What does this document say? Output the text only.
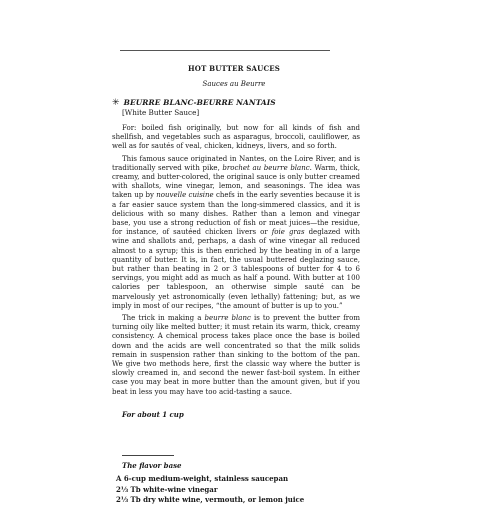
HOT BUTTER SAUCES
Sauces au Beurre
✳ BEURRE BLANC-BEURRE NANTAIS
[White Butter Sauce]

For: boiled fish originally, but now for all kinds of fish and shellfish, and vegetables such as asparagus, broccoli, cauliflower, as well as for sautés of veal, chicken, kidneys, livers, and so forth.

This famous sauce originated in Nantes, on the Loire River, and is traditionally served with pike, brochet au beurre blanc. Warm, thick, creamy, and butter-colored, the original sauce is only butter creamed with shallots, wine vinegar, lemon, and seasonings. The idea was taken up by nouvelle cuisine chefs in the early seventies because it is a far easier sauce system than the long-simmered classics, and it is delicious with so many dishes. Rather than a lemon and vinegar base, you use a strong reduction of fish or meat juices—the residue, for instance, of sautéed chicken livers or foie gras deglazed with wine and shallots and, perhaps, a dash of wine vinegar all reduced almost to a syrup; this is then enriched by the beating in of a large quantity of butter. It is, in fact, the usual buttered deglazing sauce, but rather than beating in 2 or 3 tablespoons of butter for 4 to 6 servings, you might add as much as half a pound. With butter at 100 calories per tablespoon, an otherwise simple sauté can be marvelously yet astronomically (even lethally) fattening; but, as we imply in most of our recipes, “the amount of butter is up to you.”

The trick in making a beurre blanc is to prevent the butter from turning oily like melted butter; it must retain its warm, thick, creamy consistency. A chemical process takes place once the base is boiled down and the acids are well concentrated so that the milk solids remain in suspension rather than sinking to the bottom of the pan. We give two methods here, first the classic way where the butter is slowly creamed in, and second the newer fast-boil system. In either case you may beat in more butter than the amount given, but if you beat in less you may have too acid-tasting a sauce.

For about 1 cup
The flavor base
A 6-cup medium-weight, stainless saucepan
2⅓ Tb white-wine vinegar
2⅓ Tb dry white wine, vermouth, or lemon juice
